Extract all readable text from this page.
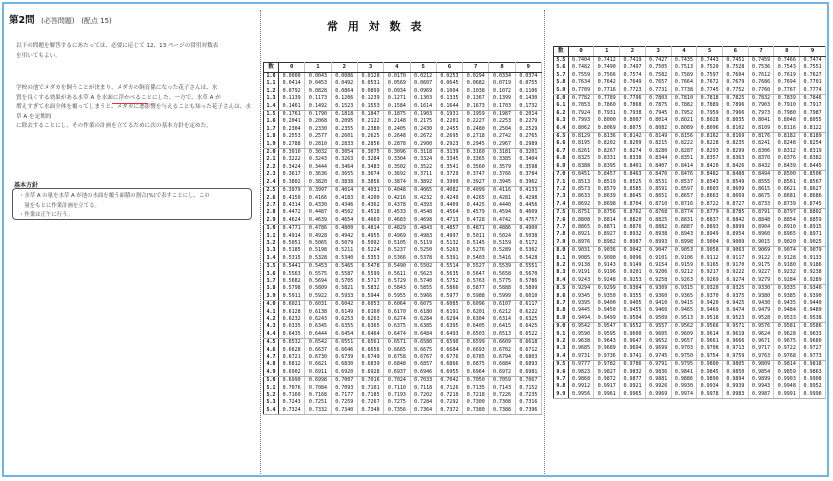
第2問 (必答問題) (配点 15)
以下の問題を解答するにあたっては、必要に応じて 12、13 ページの常用対数表
を用いてもよい。
学校の池でメダカを飼うことが決まり、メダカの飼育係になった花子さんは、水
質を良くする効果がある水草 A を水面に浮かべることにした。一方で、水草 A が
増えすぎて水面全体を覆ってしまうと、メダカに悪影響を与えることも知った花子さんは、水草 A を定期的
に除去することにし、その作業の計画を立てるために次の基本方針を定めた。
基本方針
・水草 A の量を水草 A が池の水面を覆う面積の割合(%)で表すことにし、この
　量をもとに作業計画を立てる。
・作業は正午に行う。
常 用 対 数 表
数	0	1	2	3	4	5	6	7	8	9
1.0	0.0000	0.0043	0.0086	0.0128	0.0170	0.0212	0.0253	0.0294	0.0334	0.0374
1.1	0.0414	0.0453	0.0492	0.0531	0.0569	0.0607	0.0645	0.0682	0.0719	0.0755
1.2	0.0792	0.0828	0.0864	0.0899	0.0934	0.0969	0.1004	0.1038	0.1072	0.1106
1.3	0.1139	0.1173	0.1206	0.1239	0.1271	0.1303	0.1335	0.1367	0.1399	0.1430
1.4	0.1461	0.1492	0.1523	0.1553	0.1584	0.1614	0.1644	0.1673	0.1703	0.1732
1.5	0.1761	0.1790	0.1818	0.1847	0.1875	0.1903	0.1931	0.1959	0.1987	0.2014
1.6	0.2041	0.2068	0.2095	0.2122	0.2148	0.2175	0.2201	0.2227	0.2253	0.2279
1.7	0.2304	0.2330	0.2355	0.2380	0.2405	0.2430	0.2455	0.2480	0.2504	0.2529
1.8	0.2553	0.2577	0.2601	0.2625	0.2648	0.2672	0.2695	0.2718	0.2742	0.2765
1.9	0.2788	0.2810	0.2833	0.2856	0.2878	0.2900	0.2923	0.2945	0.2967	0.2989
2.0	0.3010	0.3032	0.3054	0.3075	0.3096	0.3118	0.3139	0.3160	0.3181	0.3201
2.1	0.3222	0.3243	0.3263	0.3284	0.3304	0.3324	0.3345	0.3365	0.3385	0.3404
2.2	0.3424	0.3444	0.3464	0.3483	0.3502	0.3522	0.3541	0.3560	0.3579	0.3598
2.3	0.3617	0.3636	0.3655	0.3674	0.3692	0.3711	0.3729	0.3747	0.3766	0.3784
2.4	0.3802	0.3820	0.3838	0.3856	0.3874	0.3892	0.3909	0.3927	0.3945	0.3962
2.5	0.3979	0.3997	0.4014	0.4031	0.4048	0.4065	0.4082	0.4099	0.4116	0.4133
2.6	0.4150	0.4166	0.4183	0.4200	0.4216	0.4232	0.4249	0.4265	0.4281	0.4298
2.7	0.4314	0.4330	0.4346	0.4362	0.4378	0.4393	0.4409	0.4425	0.4440	0.4456
2.8	0.4472	0.4487	0.4502	0.4518	0.4533	0.4548	0.4564	0.4579	0.4594	0.4609
2.9	0.4624	0.4639	0.4654	0.4669	0.4683	0.4698	0.4713	0.4728	0.4742	0.4757
3.0	0.4771	0.4786	0.4800	0.4814	0.4829	0.4843	0.4857	0.4871	0.4886	0.4900
3.1	0.4914	0.4928	0.4942	0.4955	0.4969	0.4983	0.4997	0.5011	0.5024	0.5038
3.2	0.5051	0.5065	0.5079	0.5092	0.5105	0.5119	0.5132	0.5145	0.5159	0.5172
3.3	0.5185	0.5198	0.5211	0.5224	0.5237	0.5250	0.5263	0.5276	0.5289	0.5302
3.4	0.5315	0.5328	0.5340	0.5353	0.5366	0.5378	0.5391	0.5403	0.5416	0.5428
3.5	0.5441	0.5453	0.5465	0.5478	0.5490	0.5502	0.5514	0.5527	0.5539	0.5551
3.6	0.5563	0.5575	0.5587	0.5599	0.5611	0.5623	0.5635	0.5647	0.5658	0.5670
3.7	0.5682	0.5694	0.5705	0.5717	0.5729	0.5740	0.5752	0.5763	0.5775	0.5786
3.8	0.5798	0.5809	0.5821	0.5832	0.5843	0.5855	0.5866	0.5877	0.5888	0.5899
3.9	0.5911	0.5922	0.5933	0.5944	0.5955	0.5966	0.5977	0.5988	0.5999	0.6010
4.0	0.6021	0.6031	0.6042	0.6053	0.6064	0.6075	0.6085	0.6096	0.6107	0.6117
4.1	0.6128	0.6138	0.6149	0.6160	0.6170	0.6180	0.6191	0.6201	0.6212	0.6222
4.2	0.6232	0.6243	0.6253	0.6263	0.6274	0.6284	0.6294	0.6304	0.6314	0.6325
4.3	0.6335	0.6345	0.6355	0.6365	0.6375	0.6385	0.6395	0.6405	0.6415	0.6425
4.4	0.6435	0.6444	0.6454	0.6464	0.6474	0.6484	0.6493	0.6503	0.6513	0.6522
4.5	0.6532	0.6542	0.6551	0.6561	0.6571	0.6580	0.6590	0.6599	0.6609	0.6618
4.6	0.6628	0.6637	0.6646	0.6656	0.6665	0.6675	0.6684	0.6693	0.6702	0.6712
4.7	0.6721	0.6730	0.6739	0.6749	0.6758	0.6767	0.6776	0.6785	0.6794	0.6803
4.8	0.6812	0.6821	0.6830	0.6839	0.6848	0.6857	0.6866	0.6875	0.6884	0.6893
4.9	0.6902	0.6911	0.6920	0.6928	0.6937	0.6946	0.6955	0.6964	0.6972	0.6981
5.0	0.6990	0.6998	0.7007	0.7016	0.7024	0.7033	0.7042	0.7050	0.7059	0.7067
5.1	0.7076	0.7084	0.7093	0.7101	0.7110	0.7118	0.7126	0.7135	0.7143	0.7152
5.2	0.7160	0.7168	0.7177	0.7185	0.7193	0.7202	0.7210	0.7218	0.7226	0.7235
5.3	0.7243	0.7251	0.7259	0.7267	0.7275	0.7284	0.7292	0.7300	0.7308	0.7316
5.4	0.7324	0.7332	0.7340	0.7348	0.7356	0.7364	0.7372	0.7380	0.7388	0.7396
数	0	1	2	3	4	5	6	7	8	9
5.5	0.7404	0.7412	0.7419	0.7427	0.7435	0.7443	0.7451	0.7459	0.7466	0.7474
5.6	0.7482	0.7490	0.7497	0.7505	0.7513	0.7520	0.7528	0.7536	0.7543	0.7551
5.7	0.7559	0.7566	0.7574	0.7582	0.7589	0.7597	0.7604	0.7612	0.7619	0.7627
5.8	0.7634	0.7642	0.7649	0.7657	0.7664	0.7672	0.7679	0.7686	0.7694	0.7701
5.9	0.7709	0.7716	0.7723	0.7731	0.7738	0.7745	0.7752	0.7760	0.7767	0.7774
6.0	0.7782	0.7789	0.7796	0.7803	0.7810	0.7818	0.7825	0.7832	0.7839	0.7846
6.1	0.7853	0.7860	0.7868	0.7875	0.7882	0.7889	0.7896	0.7903	0.7910	0.7917
6.2	0.7924	0.7931	0.7938	0.7945	0.7952	0.7959	0.7966	0.7973	0.7980	0.7987
6.3	0.7993	0.8000	0.8007	0.8014	0.8021	0.8028	0.8035	0.8041	0.8048	0.8055
6.4	0.8062	0.8069	0.8075	0.8082	0.8089	0.8096	0.8102	0.8109	0.8116	0.8122
6.5	0.8129	0.8136	0.8142	0.8149	0.8156	0.8162	0.8169	0.8176	0.8182	0.8189
6.6	0.8195	0.8202	0.8209	0.8215	0.8222	0.8228	0.8235	0.8241	0.8248	0.8254
6.7	0.8261	0.8267	0.8274	0.8280	0.8287	0.8293	0.8299	0.8306	0.8312	0.8319
6.8	0.8325	0.8331	0.8338	0.8344	0.8351	0.8357	0.8363	0.8370	0.8376	0.8382
6.9	0.8388	0.8395	0.8401	0.8407	0.8414	0.8420	0.8426	0.8432	0.8439	0.8445
7.0	0.8451	0.8457	0.8463	0.8470	0.8476	0.8482	0.8488	0.8494	0.8500	0.8506
7.1	0.8513	0.8519	0.8525	0.8531	0.8537	0.8543	0.8549	0.8555	0.8561	0.8567
7.2	0.8573	0.8579	0.8585	0.8591	0.8597	0.8603	0.8609	0.8615	0.8621	0.8627
7.3	0.8633	0.8639	0.8645	0.8651	0.8657	0.8663	0.8669	0.8675	0.8681	0.8686
7.4	0.8692	0.8698	0.8704	0.8710	0.8716	0.8722	0.8727	0.8733	0.8739	0.8745
7.5	0.8751	0.8756	0.8762	0.8768	0.8774	0.8779	0.8785	0.8791	0.8797	0.8802
7.6	0.8808	0.8814	0.8820	0.8825	0.8831	0.8837	0.8842	0.8848	0.8854	0.8859
7.7	0.8865	0.8871	0.8876	0.8882	0.8887	0.8893	0.8899	0.8904	0.8910	0.8915
7.8	0.8921	0.8927	0.8932	0.8938	0.8943	0.8949	0.8954	0.8960	0.8965	0.8971
7.9	0.8976	0.8982	0.8987	0.8993	0.8998	0.9004	0.9009	0.9015	0.9020	0.9025
8.0	0.9031	0.9036	0.9042	0.9047	0.9053	0.9058	0.9063	0.9069	0.9074	0.9079
8.1	0.9085	0.9090	0.9096	0.9101	0.9106	0.9112	0.9117	0.9122	0.9128	0.9133
8.2	0.9138	0.9143	0.9149	0.9154	0.9159	0.9165	0.9170	0.9175	0.9180	0.9186
8.3	0.9191	0.9196	0.9201	0.9206	0.9212	0.9217	0.9222	0.9227	0.9232	0.9238
8.4	0.9243	0.9248	0.9253	0.9258	0.9263	0.9269	0.9274	0.9279	0.9284	0.9289
8.5	0.9294	0.9299	0.9304	0.9309	0.9315	0.9320	0.9325	0.9330	0.9335	0.9340
8.6	0.9345	0.9350	0.9355	0.9360	0.9365	0.9370	0.9375	0.9380	0.9385	0.9390
8.7	0.9395	0.9400	0.9405	0.9410	0.9415	0.9420	0.9425	0.9430	0.9435	0.9440
8.8	0.9445	0.9450	0.9455	0.9460	0.9465	0.9469	0.9474	0.9479	0.9484	0.9489
8.9	0.9494	0.9499	0.9504	0.9509	0.9513	0.9518	0.9523	0.9528	0.9533	0.9538
9.0	0.9542	0.9547	0.9552	0.9557	0.9562	0.9566	0.9571	0.9576	0.9581	0.9586
9.1	0.9590	0.9595	0.9600	0.9605	0.9609	0.9614	0.9619	0.9624	0.9628	0.9633
9.2	0.9638	0.9643	0.9647	0.9652	0.9657	0.9661	0.9666	0.9671	0.9675	0.9680
9.3	0.9685	0.9689	0.9694	0.9699	0.9703	0.9708	0.9713	0.9717	0.9722	0.9727
9.4	0.9731	0.9736	0.9741	0.9745	0.9750	0.9754	0.9759	0.9763	0.9768	0.9773
9.5	0.9777	0.9782	0.9786	0.9791	0.9795	0.9800	0.9805	0.9809	0.9814	0.9818
9.6	0.9823	0.9827	0.9832	0.9836	0.9841	0.9845	0.9850	0.9854	0.9859	0.9863
9.7	0.9868	0.9872	0.9877	0.9881	0.9886	0.9890	0.9894	0.9899	0.9903	0.9908
9.8	0.9912	0.9917	0.9921	0.9926	0.9930	0.9934	0.9939	0.9943	0.9948	0.9952
9.9	0.9956	0.9961	0.9965	0.9969	0.9974	0.9978	0.9983	0.9987	0.9991	0.9996
